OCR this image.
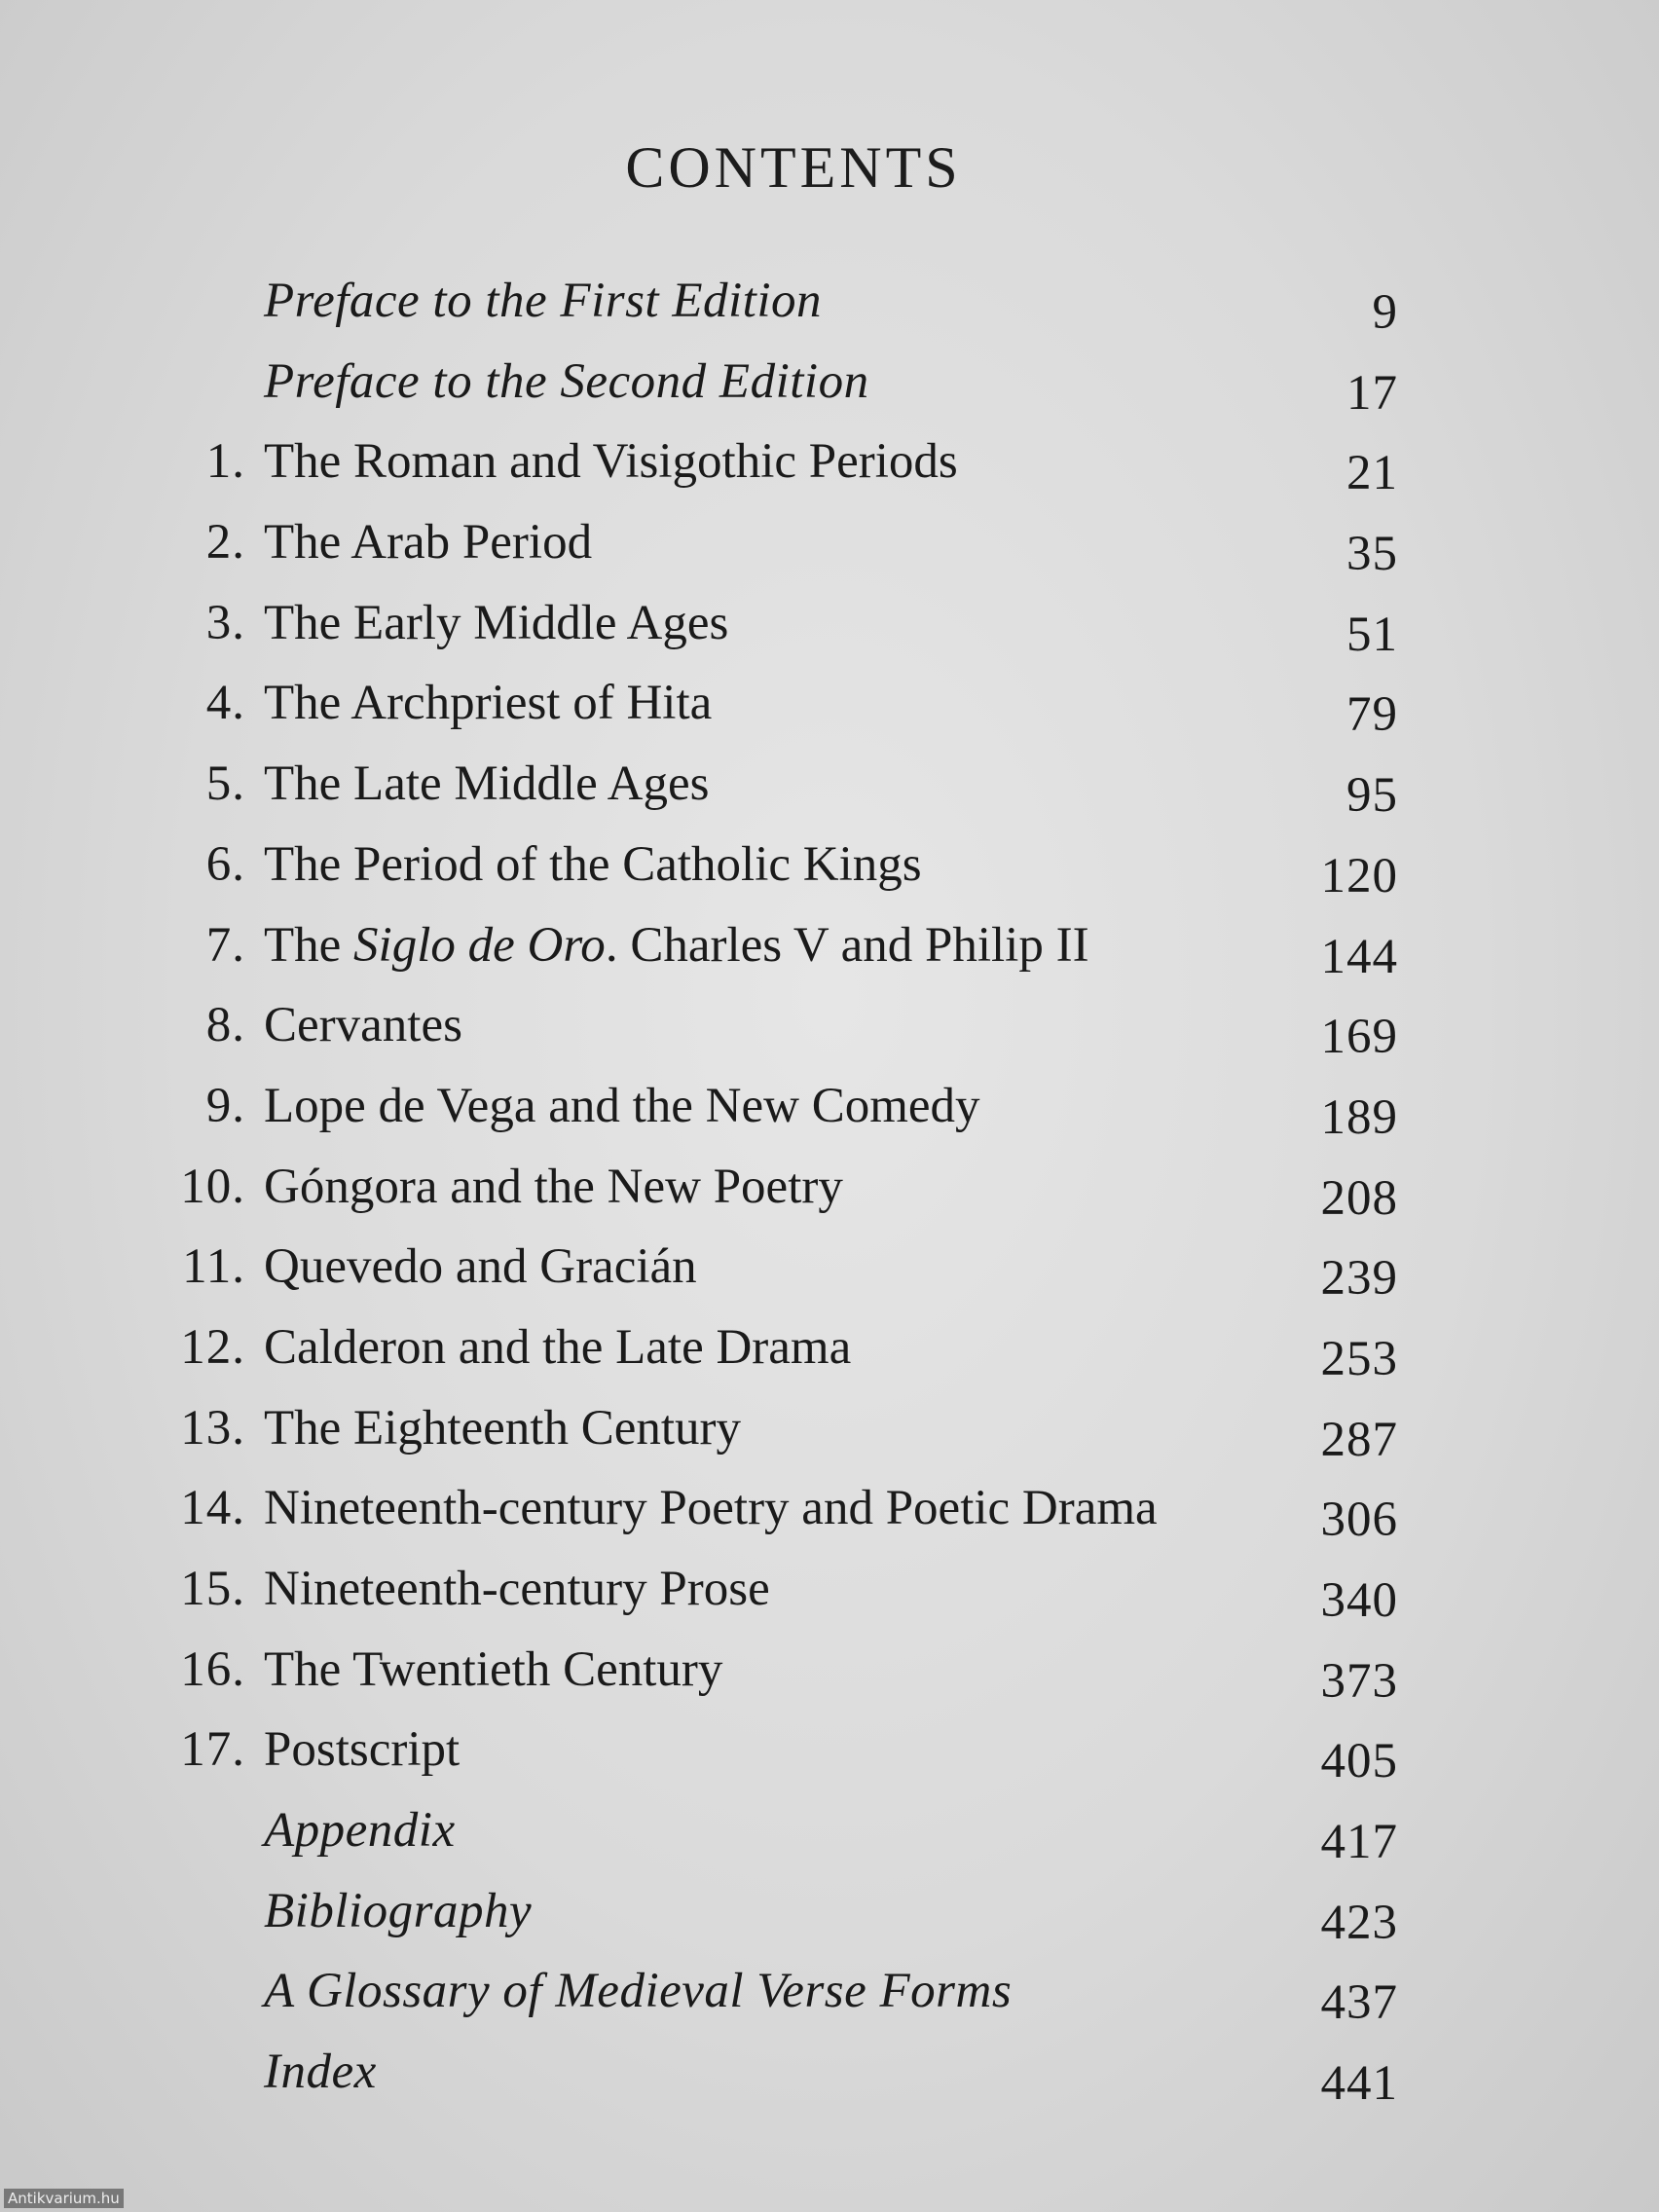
CONTENTS
Preface to the First Edition	9
Preface to the Second Edition	17
1. The Roman and Visigothic Periods	21
2. The Arab Period	35
3. The Early Middle Ages	51
4. The Archpriest of Hita	79
5. The Late Middle Ages	95
6. The Period of the Catholic Kings	120
7. The Siglo de Oro. Charles V and Philip II	144
8. Cervantes	169
9. Lope de Vega and the New Comedy	189
10. Góngora and the New Poetry	208
11. Quevedo and Gracián	239
12. Calderon and the Late Drama	253
13. The Eighteenth Century	287
14. Nineteenth-century Poetry and Poetic Drama	306
15. Nineteenth-century Prose	340
16. The Twentieth Century	373
17. Postscript	405
Appendix	417
Bibliography	423
A Glossary of Medieval Verse Forms	437
Index	441
Antikvarium.hu
